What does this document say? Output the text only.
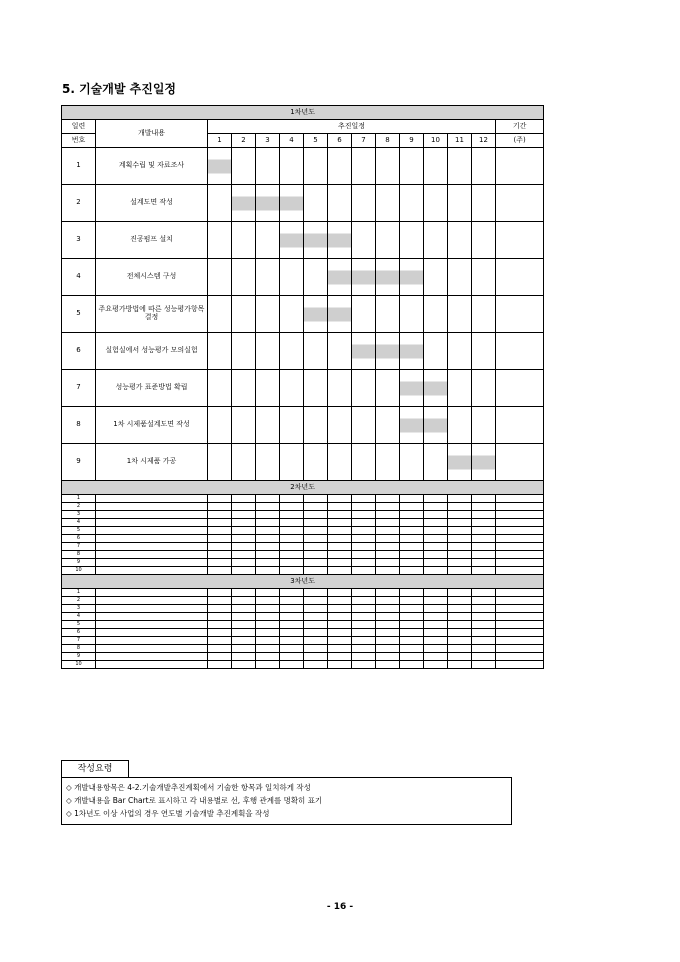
5. 기술개발 추진일정
1차년도														
일련	개발내용	추진일정												기간
번호		1	2	3	4	5	6	7	8	9	10	11	12	(주)
1	계획수립 및 자료조사													
2	설계도면 작성													
3	진공펌프 설치													
4	전체시스템 구성													
5	주요평가방법에 따른 성능평가항목 결정													
6	실험실에서 성능평가 모의실험													
7	성능평가 표준방법 확립													
8	1차 시제품설계도면 작성													
9	1차 시제품 가공													
2차년도														
1														
2														
3														
4														
5														
6														
7														
8														
9														
10														
3차년도														
1														
2														
3														
4														
5														
6														
7														
8														
9														
10														
작성요령
◇ 개발내용항목은 4-2.기술개발추진계획에서 기술한 항목과 일치하게 작성
◇ 개발내용을 Bar Chart로 표시하고 각 내용별로 선, 후행 관계를 명확히 표기
◇ 1차년도 이상 사업의 경우 연도별 기술개발 추진계획을 작성
- 16 -
